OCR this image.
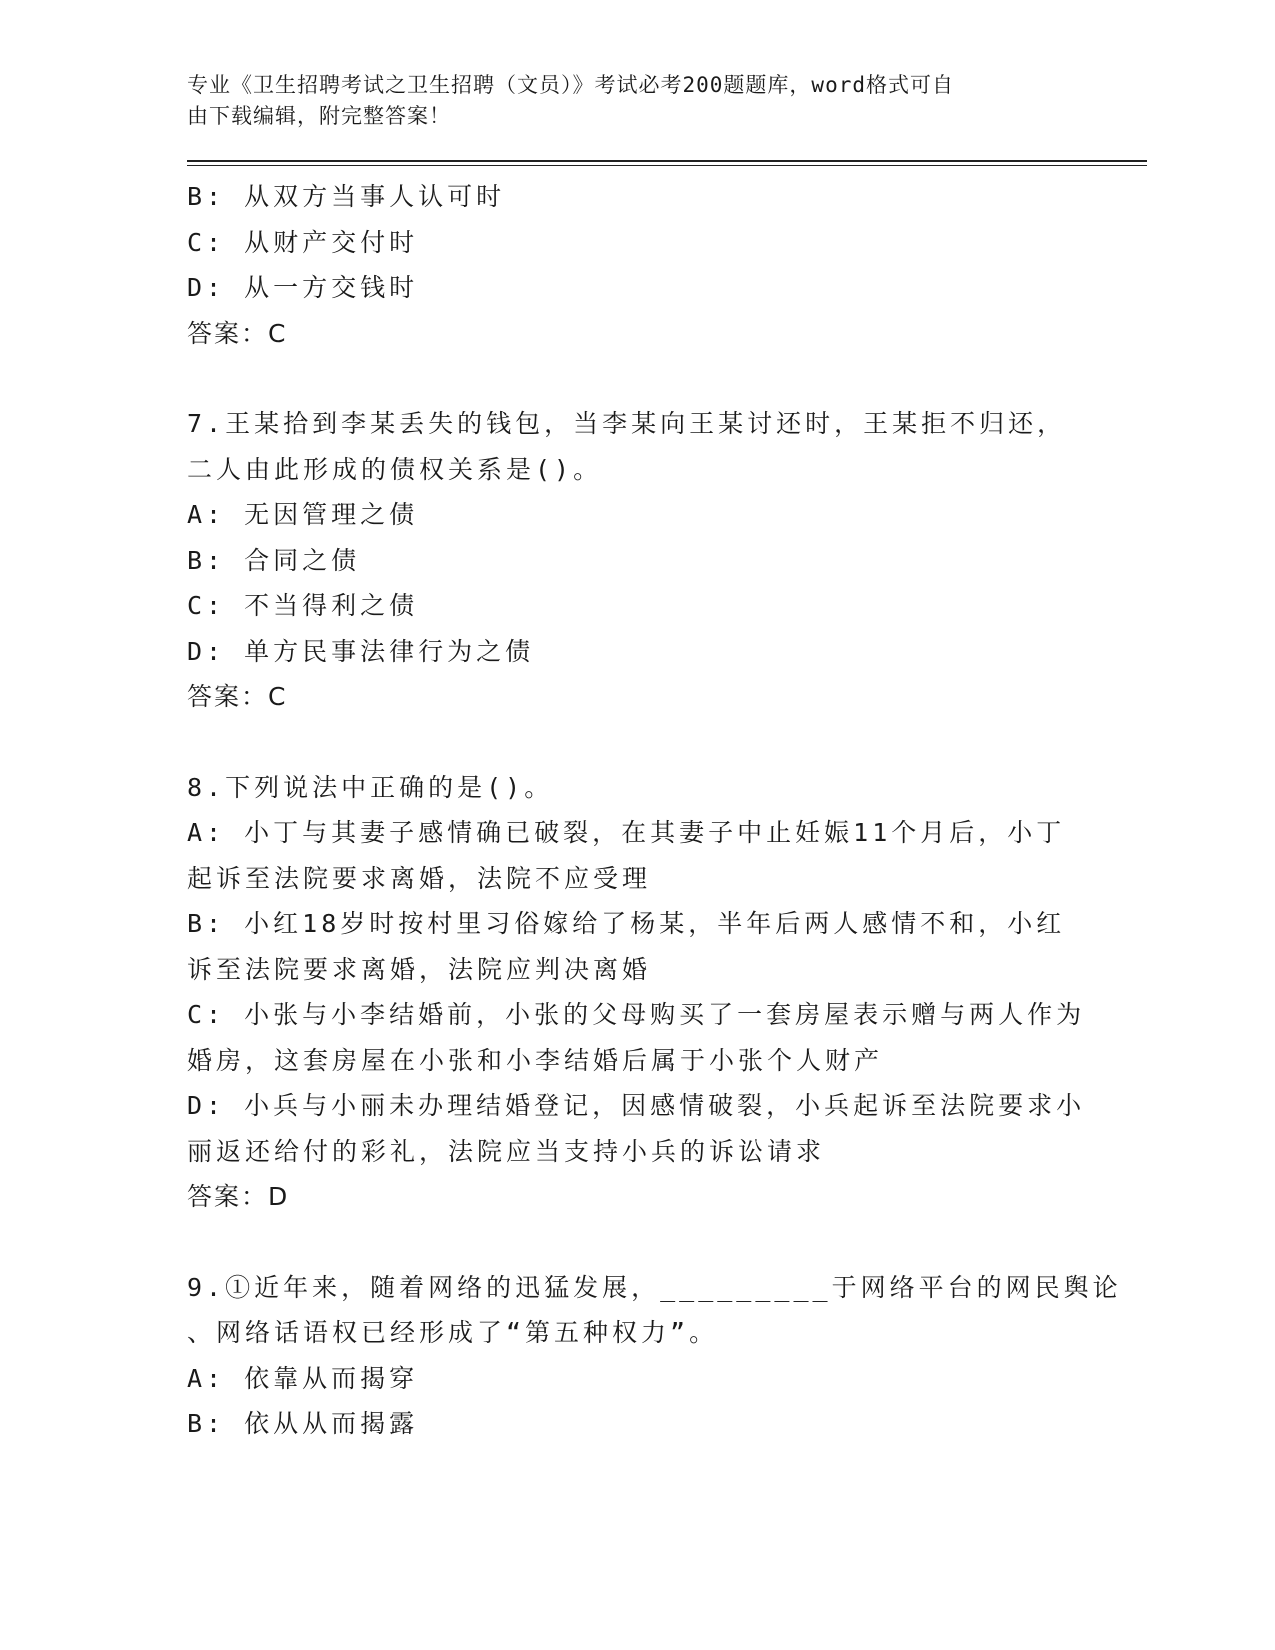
专业《卫生招聘考试之卫生招聘（文员）》考试必考200题题库，word格式可自
由下载编辑，附完整答案！
B: 从双方当事人认可时
C: 从财产交付时
D: 从一方交钱时
答案：C
7.王某拾到李某丢失的钱包，当李某向王某讨还时，王某拒不归还，
二人由此形成的债权关系是()。
A: 无因管理之债
B: 合同之债
C: 不当得利之债
D: 单方民事法律行为之债
答案：C
8.下列说法中正确的是()。
A: 小丁与其妻子感情确已破裂，在其妻子中止妊娠11个月后，小丁
起诉至法院要求离婚，法院不应受理
B: 小红18岁时按村里习俗嫁给了杨某，半年后两人感情不和，小红
诉至法院要求离婚，法院应判决离婚
C: 小张与小李结婚前，小张的父母购买了一套房屋表示赠与两人作为
婚房，这套房屋在小张和小李结婚后属于小张个人财产
D: 小兵与小丽未办理结婚登记，因感情破裂，小兵起诉至法院要求小
丽返还给付的彩礼，法院应当支持小兵的诉讼请求
答案：D
9.①近年来，随着网络的迅猛发展，_________于网络平台的网民舆论
、网络话语权已经形成了“第五种权力”。
A: 依靠从而揭穿
B: 依从从而揭露
